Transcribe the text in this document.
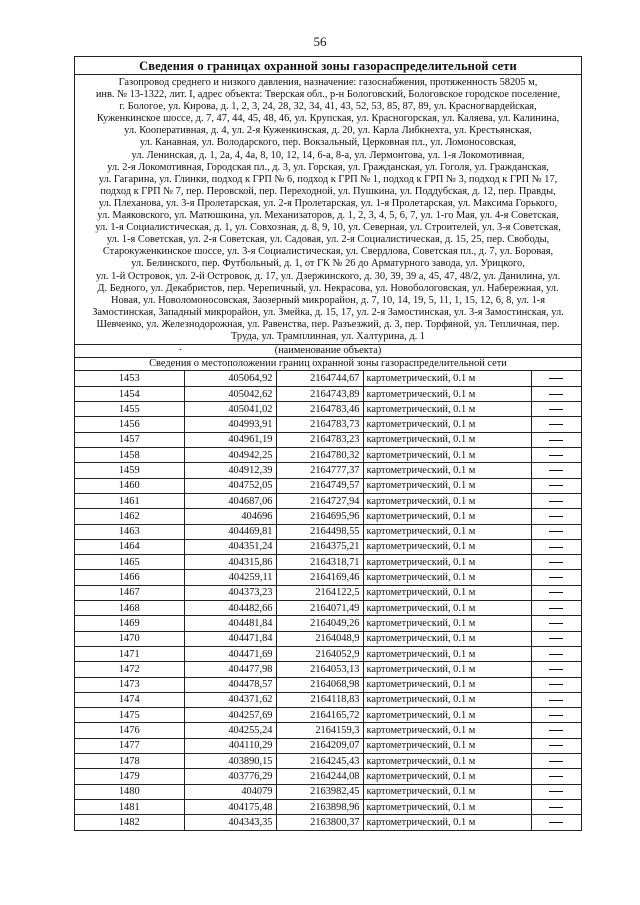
56
Сведения о границах охранной зоны газораспределительной сети
Газопровод среднего и низкого давления, назначение: газоснабжения, протяженность 58205 м,
инв. № 13-1322, лит. I, адрес объекта: Тверская обл., р-н Бологовский, Бологовское городское поселение,
г. Бологое, ул. Кирова, д. 1, 2, 3, 24, 28, 32, 34, 41, 43, 52, 53, 85, 87, 89, ул. Красногвардейская,
Куженкинское шоссе, д. 7, 47, 44, 45, 48, 46, ул. Крупская, ул. Красногорская, ул. Каляева, ул. Калинина,
ул. Кооперативная, д. 4, ул. 2-я Куженкинская, д. 20, ул. Карла Либкнехта, ул. Крестьянская,
ул. Канавная, ул. Володарского, пер. Вокзальный, Церковная пл., ул. Ломоносовская,
ул. Ленинская, д. 1, 2а, 4, 4а, 8, 10, 12, 14, 6-а, 8-а, ул. Лермонтова, ул. 1-я Локомотивная,
ул. 2-я Локомотивная, Городская пл., д. 3, ул. Горская, ул. Гражданская, ул. Гоголя, ул. Гражданская,
ул. Гагарина, ул. Глинки, подход к ГРП № 6, подход к ГРП № 1, подход к ГРП № 3, подход к ГРП № 17,
подход к ГРП № 7, пер. Перовской, пер. Переходной, ул. Пушкина, ул. Поддубская, д. 12, пер. Правды,
ул. Плеханова, ул. 3-я Пролетарская, ул. 2-я Пролетарская, ул. 1-я Пролетарская, ул. Максима Горького,
ул. Маяковского, ул. Матюшкина, ул. Механизаторов, д. 1, 2, 3, 4, 5, 6, 7, ул. 1-го Мая, ул. 4-я Советская,
ул. 1-я Социалистическая, д. 1, ул. Совхозная, д. 8, 9, 10, ул. Северная, ул. Строителей, ул. 3-я Советская,
ул. 1-я Советская, ул. 2-я Советская, ул. Садовая, ул. 2-я Социалистическая, д. 15, 25, пер. Свободы,
Старокуженкинское шоссе, ул. 3-я Социалистическая, ул. Свердлова, Советская пл., д. 7, ул. Боровая,
ул. Белинского, пер. Футбольный, д. 1, от ГК № 26 до Арматурного завода, ул. Урицкого,
ул. 1-й Островок, ул. 2-й Островок, д. 17, ул. Дзержинского, д. 30, 39, 39 а, 45, 47, 48/2, ул. Данилина, ул.
Д. Бедного, ул. Декабристов, пер. Черепичный, ул. Некрасова, ул. Новобологовская, ул. Набережная, ул.
Новая, ул. Новоломоносовская, Заозерный микрорайон, д. 7, 10, 14, 19, 5, 11, 1, 15, 12, 6, 8, ул. 1-я
Замостинская, Западный микрорайон, ул. Змейка, д. 15, 17, ул. 2-я Замостинская, ул. 3-я Замостинская, ул.
Шевченко, ул. Железнодорожная, ул. Равенства, пер. Разъезжий, д. 3, пер. Торфяной, ул. Тепличная, пер.
Труда, ул. Трамплинная, ул. Халтурина, д. 1
·	(наименование объекта)
Сведения о местоположении границ охранной зоны газораспределительной сети
1453	405064,92	2164744,67	картометрический, 0.1 м	
1454	405042,62	2164743,89	картометрический, 0.1 м	
1455	405041,02	2164783,46	картометрический, 0.1 м	
1456	404993,91	2164783,73	картометрический, 0.1 м	
1457	404961,19	2164783,23	картометрический, 0.1 м	
1458	404942,25	2164780,32	картометрический, 0.1 м	
1459	404912,39	2164777,37	картометрический, 0.1 м	
1460	404752,05	2164749,57	картометрический, 0.1 м	
1461	404687,06	2164727,94	картометрический, 0.1 м	
1462	404696	2164695,96	картометрический, 0.1 м	
1463	404469,81	2164498,55	картометрический, 0.1 м	
1464	404351,24	2164375,21	картометрический, 0.1 м	
1465	404315,86	2164318,71	картометрический, 0.1 м	
1466	404259,11	2164169,46	картометрический, 0.1 м	
1467	404373,23	2164122,5	картометрический, 0.1 м	
1468	404482,66	2164071,49	картометрический, 0.1 м	
1469	404481,84	2164049,26	картометрический, 0.1 м	
1470	404471,84	2164048,9	картометрический, 0.1 м	
1471	404471,69	2164052,9	картометрический, 0.1 м	
1472	404477,98	2164053,13	картометрический, 0.1 м	
1473	404478,57	2164068,98	картометрический, 0.1 м	
1474	404371,62	2164118,83	картометрический, 0.1 м	
1475	404257,69	2164165,72	картометрический, 0.1 м	
1476	404255,24	2164159,3	картометрический, 0.1 м	
1477	404110,29	2164209,07	картометрический, 0.1 м	
1478	403890,15	2164245,43	картометрический, 0.1 м	
1479	403776,29	2164244,08	картометрический, 0.1 м	
1480	404079	2163982,45	картометрический, 0.1 м	
1481	404175,48	2163898,96	картометрический, 0.1 м	
1482	404343,35	2163800,37	картометрический, 0.1 м	
